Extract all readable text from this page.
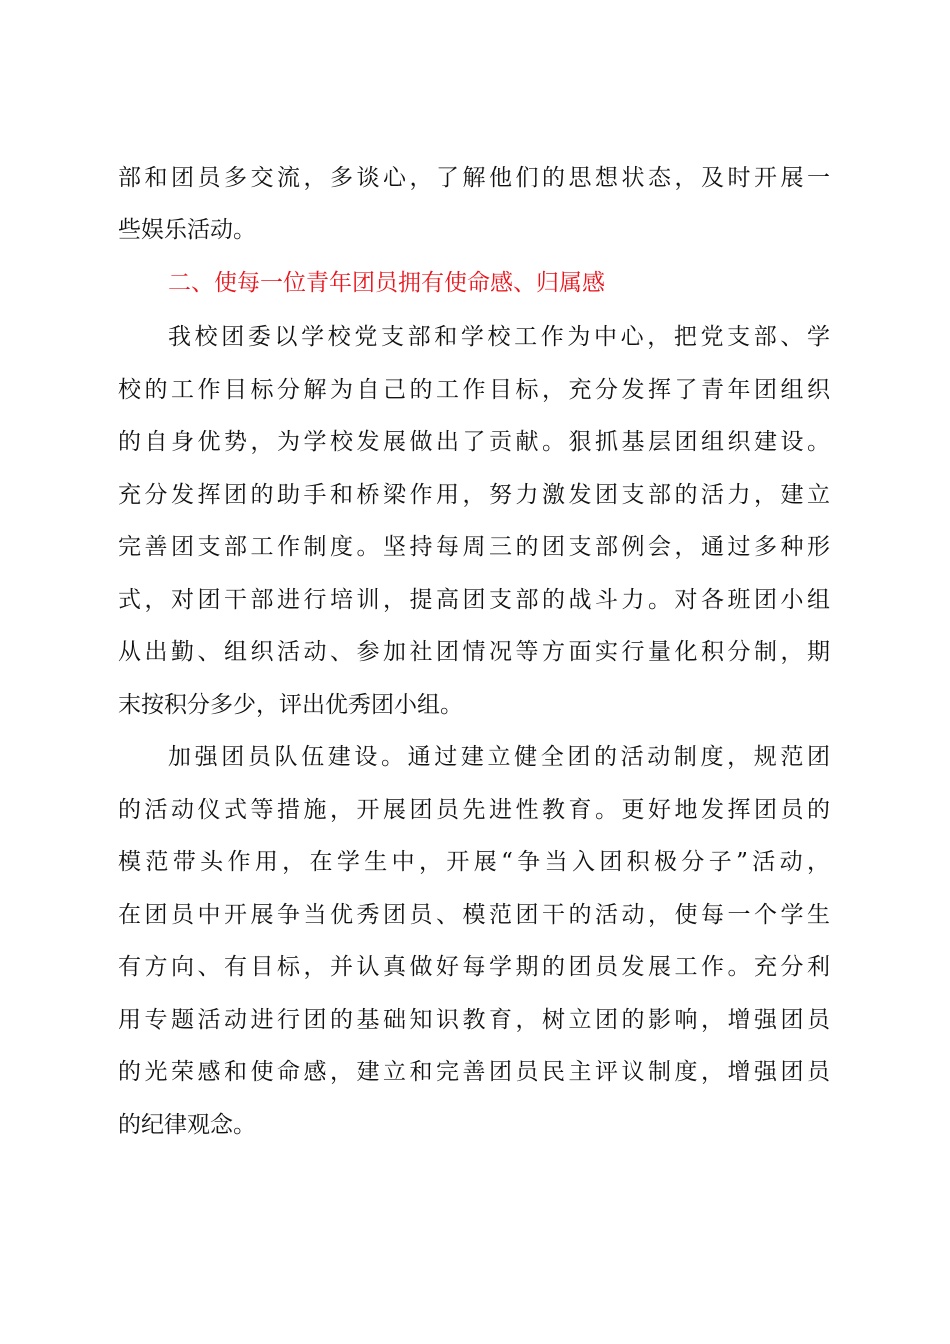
部和团员多交流，多谈心，了解他们的思想状态，及时开展一
些娱乐活动。
二、使每一位青年团员拥有使命感、归属感
我校团委以学校党支部和学校工作为中心，把党支部、学
校的工作目标分解为自己的工作目标，充分发挥了青年团组织
的自身优势，为学校发展做出了贡献。狠抓基层团组织建设。
充分发挥团的助手和桥梁作用，努力激发团支部的活力，建立
完善团支部工作制度。坚持每周三的团支部例会，通过多种形
式，对团干部进行培训，提高团支部的战斗力。对各班团小组
从出勤、组织活动、参加社团情况等方面实行量化积分制，期
末按积分多少，评出优秀团小组。
加强团员队伍建设。通过建立健全团的活动制度，规范团
的活动仪式等措施，开展团员先进性教育。更好地发挥团员的
模范带头作用，在学生中，开展“争当入团积极分子”活动，
在团员中开展争当优秀团员、模范团干的活动，使每一个学生
有方向、有目标，并认真做好每学期的团员发展工作。充分利
用专题活动进行团的基础知识教育，树立团的影响，增强团员
的光荣感和使命感，建立和完善团员民主评议制度，增强团员
的纪律观念。
